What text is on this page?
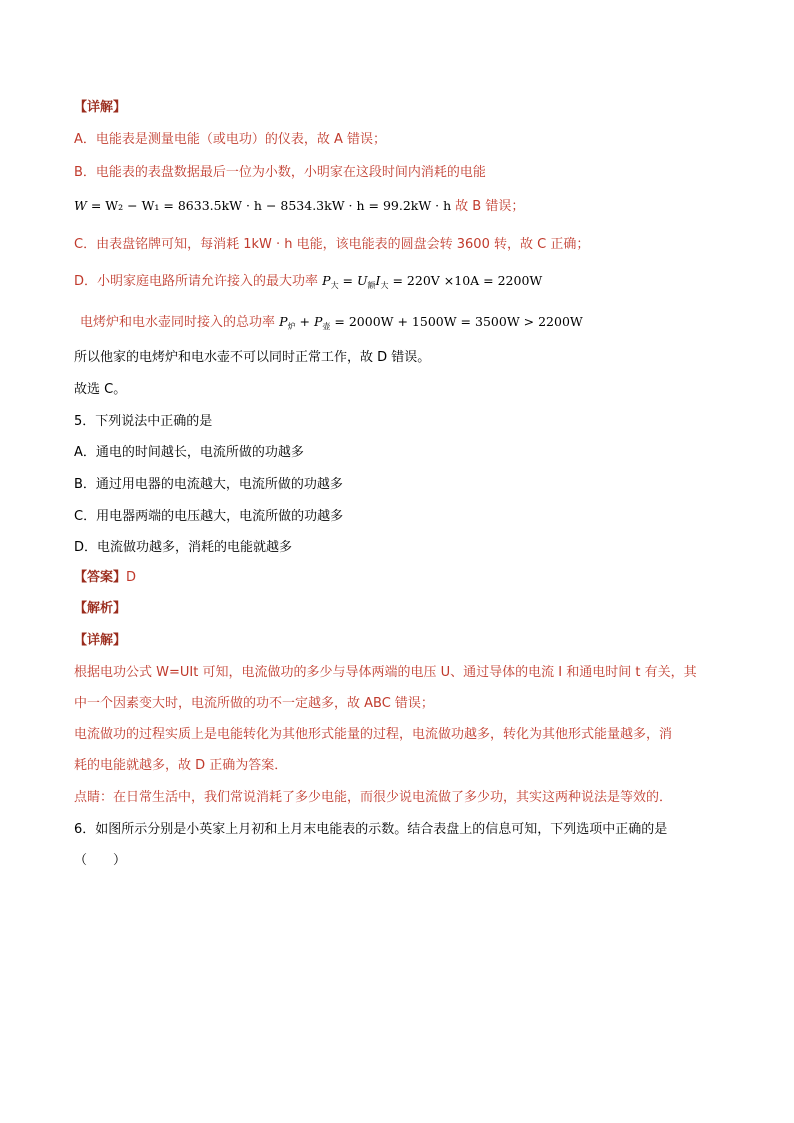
【详解】
A．电能表是测量电能（或电功）的仪表，故 A 错误；
B．电能表的表盘数据最后一位为小数，小明家在这段时间内消耗的电能
W = W₂ − W₁ = 8633.5kW · h − 8534.3kW · h = 99.2kW · h 故 B 错误；
C．由表盘铭牌可知，每消耗 1kW · h 电能，该电能表的圆盘会转 3600 转，故 C 正确；
D．小明家庭电路所请允许接入的最大功率 $P_大 = U_额I_大 = 220V \times 10A = 2200W$
电烤炉和电水壶同时接入的总功率 $P_炉 + P_壶 = 2000W + 1500W = 3500W > 2200W$
所以他家的电烤炉和电水壶不可以同时正常工作，故 D 错误。
故选 C。
5．下列说法中正确的是
A．通电的时间越长，电流所做的功越多
B．通过用电器的电流越大，电流所做的功越多
C．用电器两端的电压越大，电流所做的功越多
D．电流做功越多，消耗的电能就越多
【答案】D
【解析】
【详解】
根据电功公式 W=UIt 可知，电流做功的多少与导体两端的电压 U、通过导体的电流 I 和通电时间 t 有关，其
中一个因素变大时，电流所做的功不一定越多，故 ABC 错误；
电流做功的过程实质上是电能转化为其他形式能量的过程，电流做功越多，转化为其他形式能量越多，消
耗的电能就越多，故 D 正确为答案．
点睛：在日常生活中，我们常说消耗了多少电能，而很少说电流做了多少功，其实这两种说法是等效的．
6．如图所示分别是小英家上月初和上月末电能表的示数。结合表盘上的信息可知，下列选项中正确的是
（　　）
